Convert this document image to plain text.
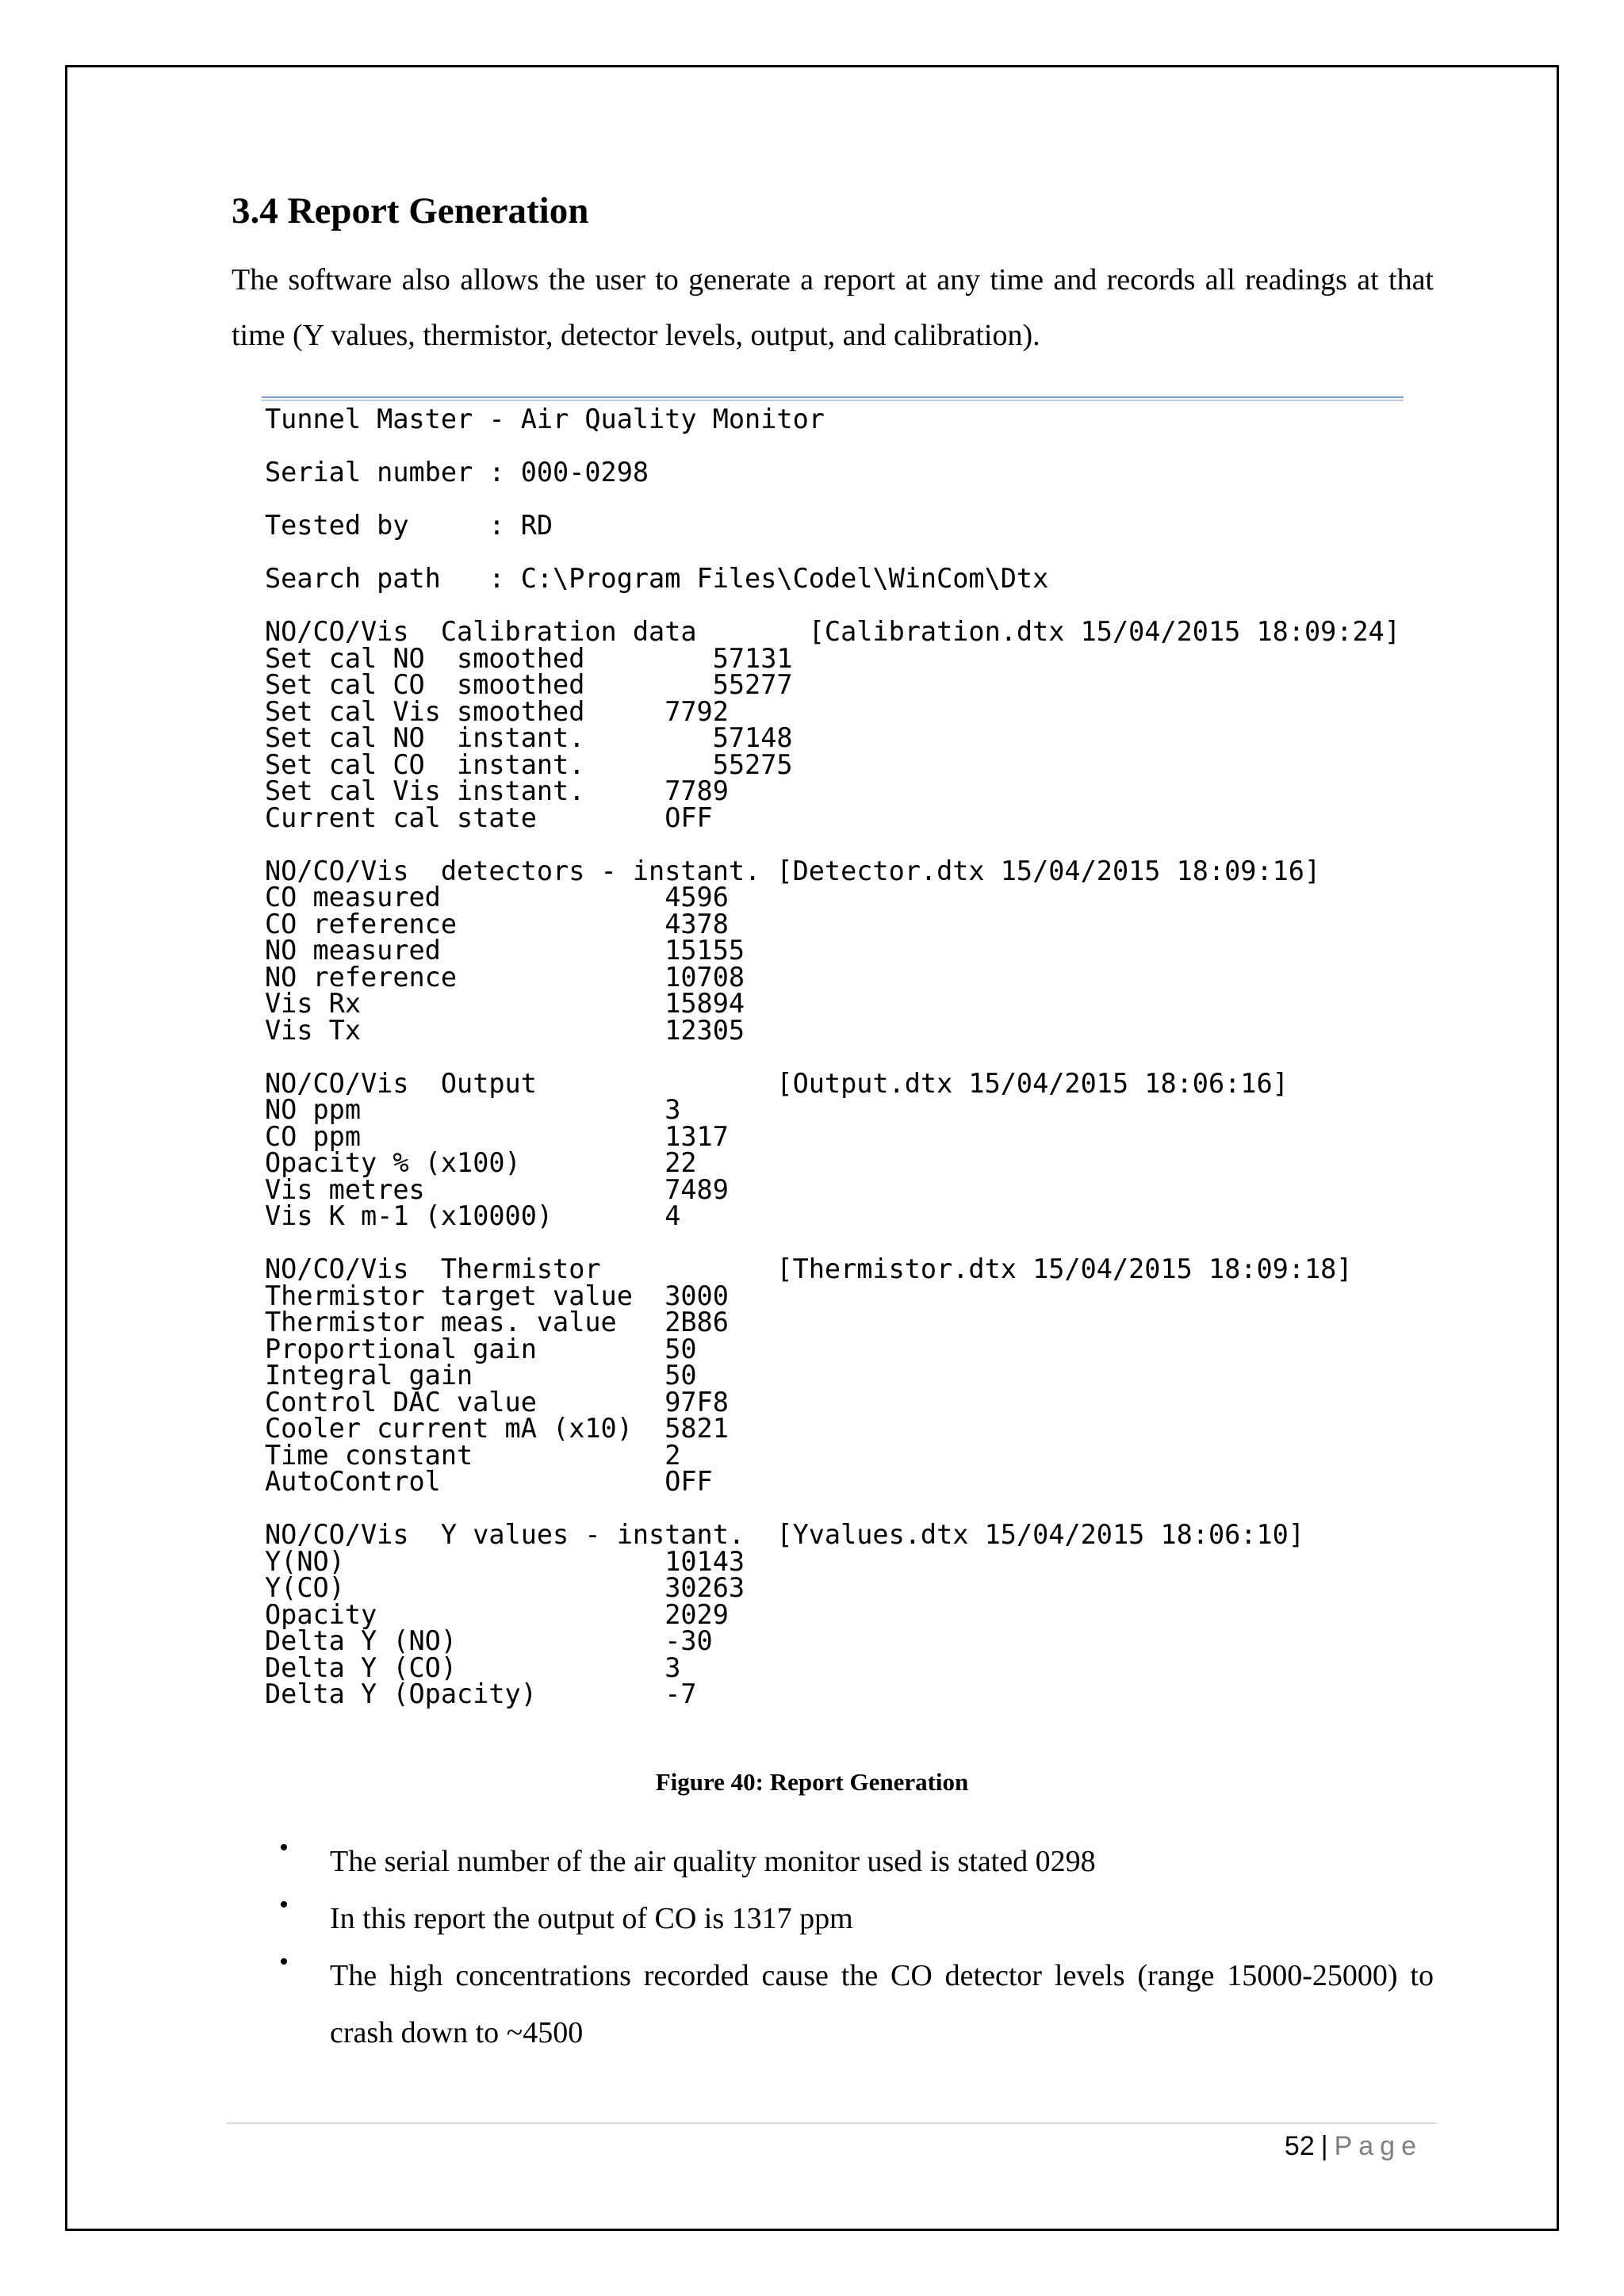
3.4 Report Generation

The software also allows the user to generate a report at any time and records all readings at that time (Y values, thermistor, detector levels, output, and calibration).

Tunnel Master - Air Quality Monitor
Serial number : 000-0298
Tested by     : RD
Search path   : C:\Program Files\Codel\WinCom\Dtx
NO/CO/Vis  Calibration data       [Calibration.dtx 15/04/2015 18:09:24]
Set cal NO  smoothed        57131
Set cal CO  smoothed        55277
Set cal Vis smoothed     7792
Set cal NO  instant.        57148
Set cal CO  instant.        55275
Set cal Vis instant.     7789
Current cal state        OFF
NO/CO/Vis  detectors - instant. [Detector.dtx 15/04/2015 18:09:16]
CO measured              4596
CO reference             4378
NO measured              15155
NO reference             10708
Vis Rx                   15894
Vis Tx                   12305
NO/CO/Vis  Output               [Output.dtx 15/04/2015 18:06:16]
NO ppm                   3
CO ppm                   1317
Opacity % (x100)         22
Vis metres               7489
Vis K m-1 (x10000)       4
NO/CO/Vis  Thermistor           [Thermistor.dtx 15/04/2015 18:09:18]
Thermistor target value  3000
Thermistor meas. value   2B86
Proportional gain        50
Integral gain            50
Control DAC value        97F8
Cooler current mA (x10)  5821
Time constant            2
AutoControl              OFF
NO/CO/Vis  Y values - instant.  [Yvalues.dtx 15/04/2015 18:06:10]
Y(NO)                    10143
Y(CO)                    30263
Opacity                  2029
Delta Y (NO)             -30
Delta Y (CO)             3
Delta Y (Opacity)        -7

Figure 40: Report Generation

• The serial number of the air quality monitor used is stated 0298
• In this report the output of CO is 1317 ppm
• The high concentrations recorded cause the CO detector levels (range 15000-25000) to crash down to ~4500

52 | Page
